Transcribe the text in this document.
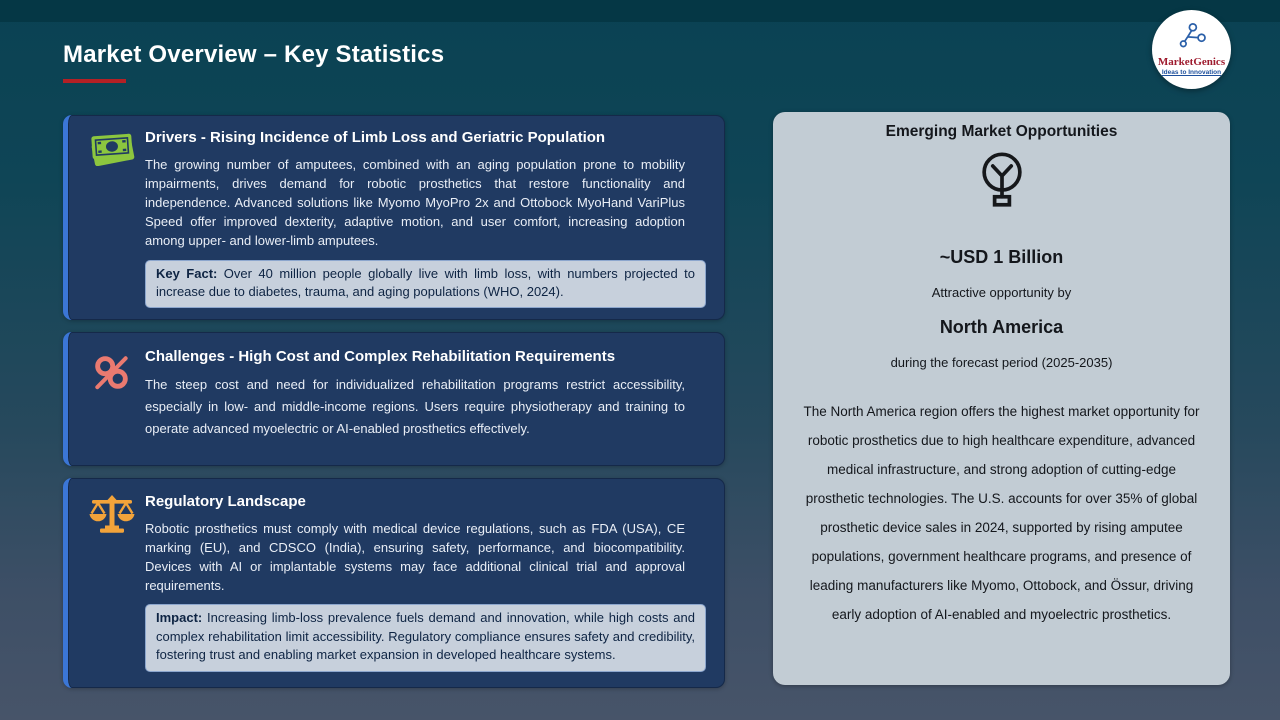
Market Overview – Key Statistics	MarketGenics
Ideas to Innovation
Drivers - Rising Incidence of Limb Loss and Geriatric Population
The growing number of amputees, combined with an aging population prone to mobility impairments, drives demand for robotic prosthetics that restore functionality and independence. Advanced solutions like Myomo MyoPro 2x and Ottobock MyoHand VariPlus Speed offer improved dexterity, adaptive motion, and user comfort, increasing adoption among upper- and lower-limb amputees.
Key Fact: Over 40 million people globally live with limb loss, with numbers projected to increase due to diabetes, trauma, and aging populations (WHO, 2024).
Challenges - High Cost and Complex Rehabilitation Requirements
The steep cost and need for individualized rehabilitation programs restrict accessibility, especially in low- and middle-income regions. Users require physiotherapy and training to operate advanced myoelectric or AI-enabled prosthetics effectively.
Regulatory Landscape
Robotic prosthetics must comply with medical device regulations, such as FDA (USA), CE marking (EU), and CDSCO (India), ensuring safety, performance, and biocompatibility. Devices with AI or implantable systems may face additional clinical trial and approval requirements.
Impact: Increasing limb-loss prevalence fuels demand and innovation, while high costs and complex rehabilitation limit accessibility. Regulatory compliance ensures safety and credibility, fostering trust and enabling market expansion in developed healthcare systems.
Emerging Market Opportunities
~USD 1 Billion
Attractive opportunity by
North America
during the forecast period (2025-2035)
The North America region offers the highest market opportunity for robotic prosthetics due to high healthcare expenditure, advanced medical infrastructure, and strong adoption of cutting-edge prosthetic technologies. The U.S. accounts for over 35% of global prosthetic device sales in 2024, supported by rising amputee populations, government healthcare programs, and presence of leading manufacturers like Myomo, Ottobock, and Össur, driving early adoption of AI-enabled and myoelectric prosthetics.
